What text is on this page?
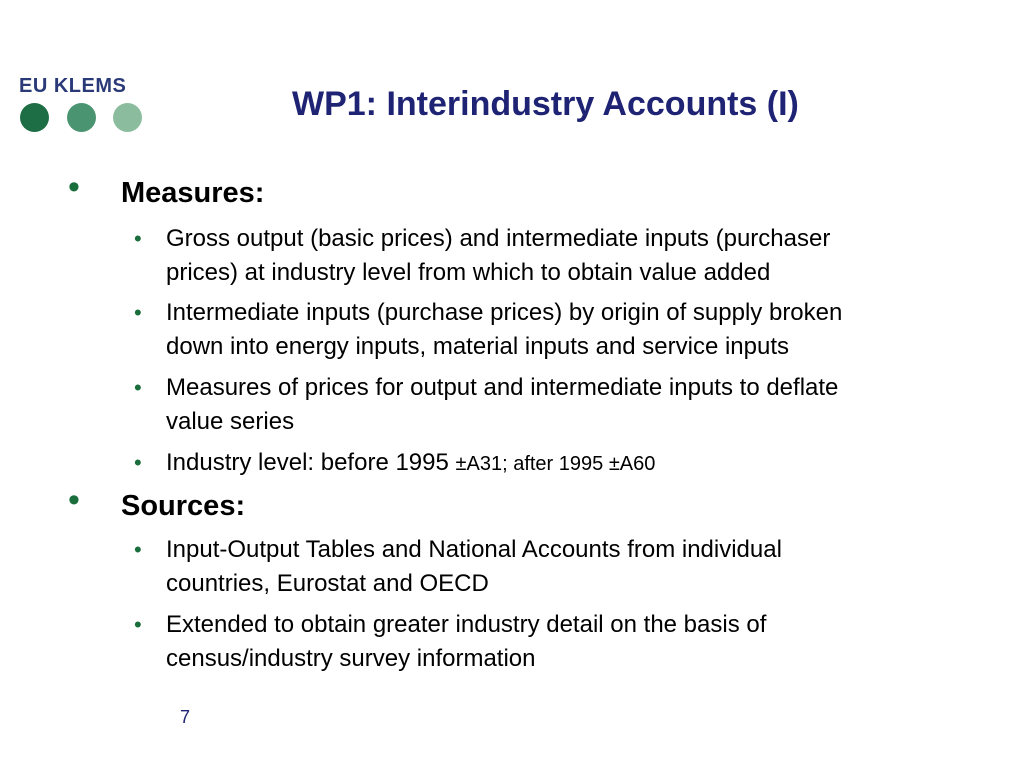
EU KLEMS	WP1: Interindustry Accounts (I)
• Measures:
• Gross output (basic prices) and intermediate inputs (purchaser
prices) at industry level from which to obtain value added
• Intermediate inputs (purchase prices) by origin of supply broken
down into energy inputs, material inputs and service inputs
• Measures of prices for output and intermediate inputs to deflate
value series
• Industry level: before 1995 ±A31; after 1995 ±A60
• Sources:
• Input-Output Tables and National Accounts from individual
countries, Eurostat and OECD
• Extended to obtain greater industry detail on the basis of
census/industry survey information
7
